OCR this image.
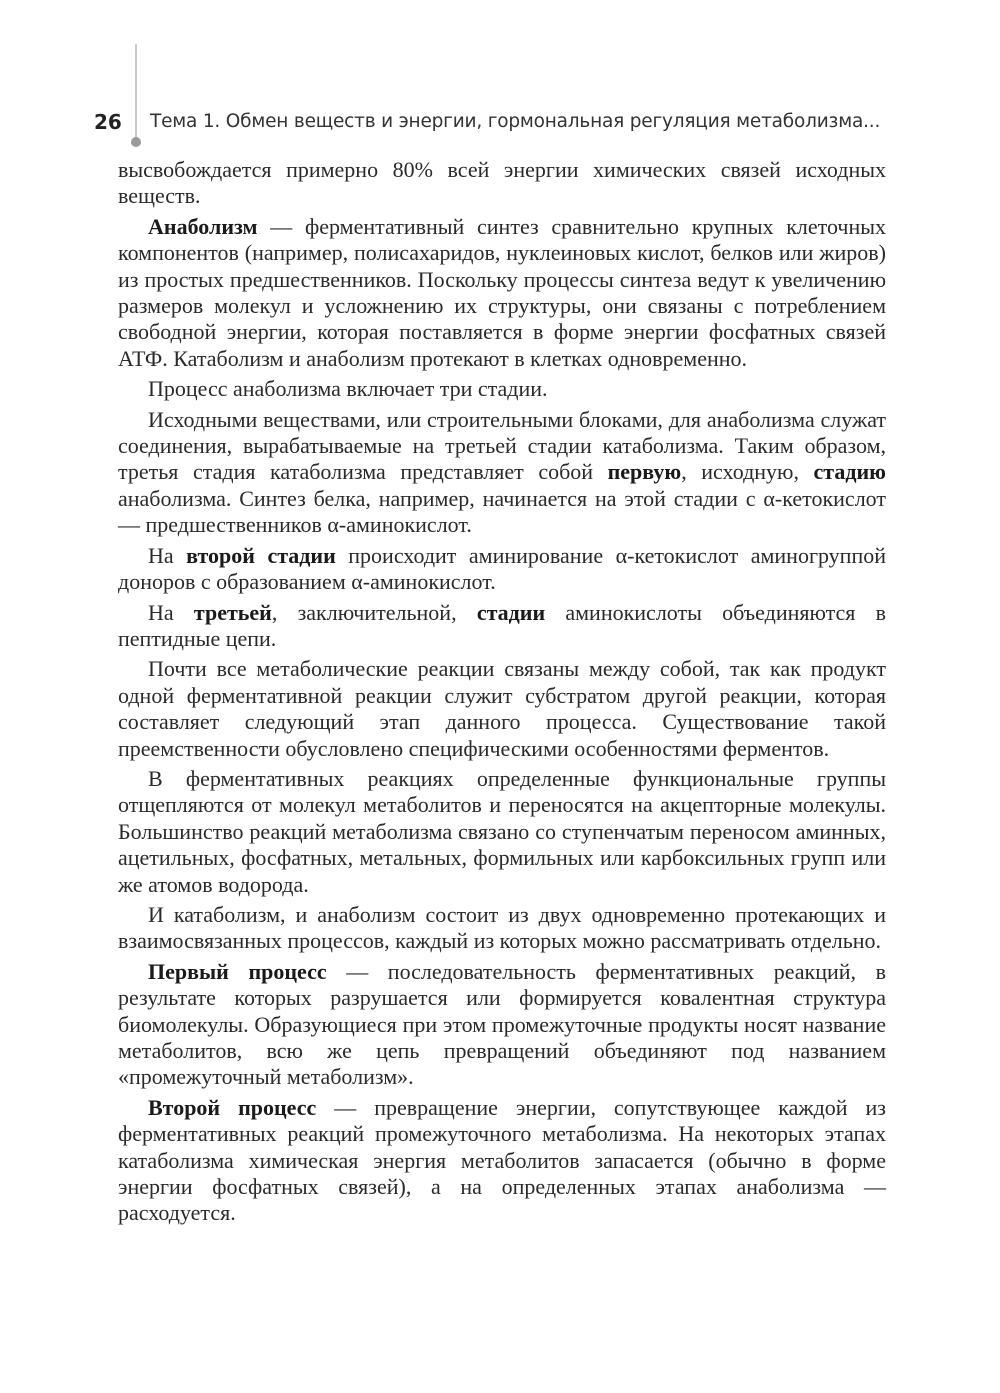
26 Тема 1. Обмен веществ и энергии, гормональная регуляция метаболизма...

высвобождается примерно 80% всей энергии химических связей исходных веществ.

Анаболизм — ферментативный синтез сравнительно крупных клеточных компонентов (например, полисахаридов, нуклеиновых кислот, белков или жиров) из простых предшественников. Поскольку процессы синтеза ведут к увеличению размеров молекул и усложнению их структуры, они связаны с потреблением свободной энергии, которая поставляется в форме энергии фосфатных связей АТФ. Катаболизм и анаболизм протекают в клетках одновременно.

Процесс анаболизма включает три стадии.

Исходными веществами, или строительными блоками, для анаболизма служат соединения, вырабатываемые на третьей стадии катаболизма. Таким образом, третья стадия катаболизма представляет собой первую, исходную, стадию анаболизма. Синтез белка, например, начинается на этой стадии с α-кетокислот — предшественников α-аминокислот.

На второй стадии происходит аминирование α-кетокислот аминогруппой доноров с образованием α-аминокислот.

На третьей, заключительной, стадии аминокислоты объединяются в пептидные цепи.

Почти все метаболические реакции связаны между собой, так как продукт одной ферментативной реакции служит субстратом другой реакции, которая составляет следующий этап данного процесса. Существование такой преемственности обусловлено специфическими особенностями ферментов.

В ферментативных реакциях определенные функциональные группы отщепляются от молекул метаболитов и переносятся на акцепторные молекулы. Большинство реакций метаболизма связано со ступенчатым переносом аминных, ацетильных, фосфатных, метальных, формильных или карбоксильных групп или же атомов водорода.

И катаболизм, и анаболизм состоит из двух одновременно протекающих и взаимосвязанных процессов, каждый из которых можно рассматривать отдельно.

Первый процесс — последовательность ферментативных реакций, в результате которых разрушается или формируется ковалентная структура биомолекулы. Образующиеся при этом промежуточные продукты носят название метаболитов, всю же цепь превращений объединяют под названием «промежуточный метаболизм».

Второй процесс — превращение энергии, сопутствующее каждой из ферментативных реакций промежуточного метаболизма. На некоторых этапах катаболизма химическая энергия метаболитов запасается (обычно в форме энергии фосфатных связей), а на определенных этапах анаболизма — расходуется.
